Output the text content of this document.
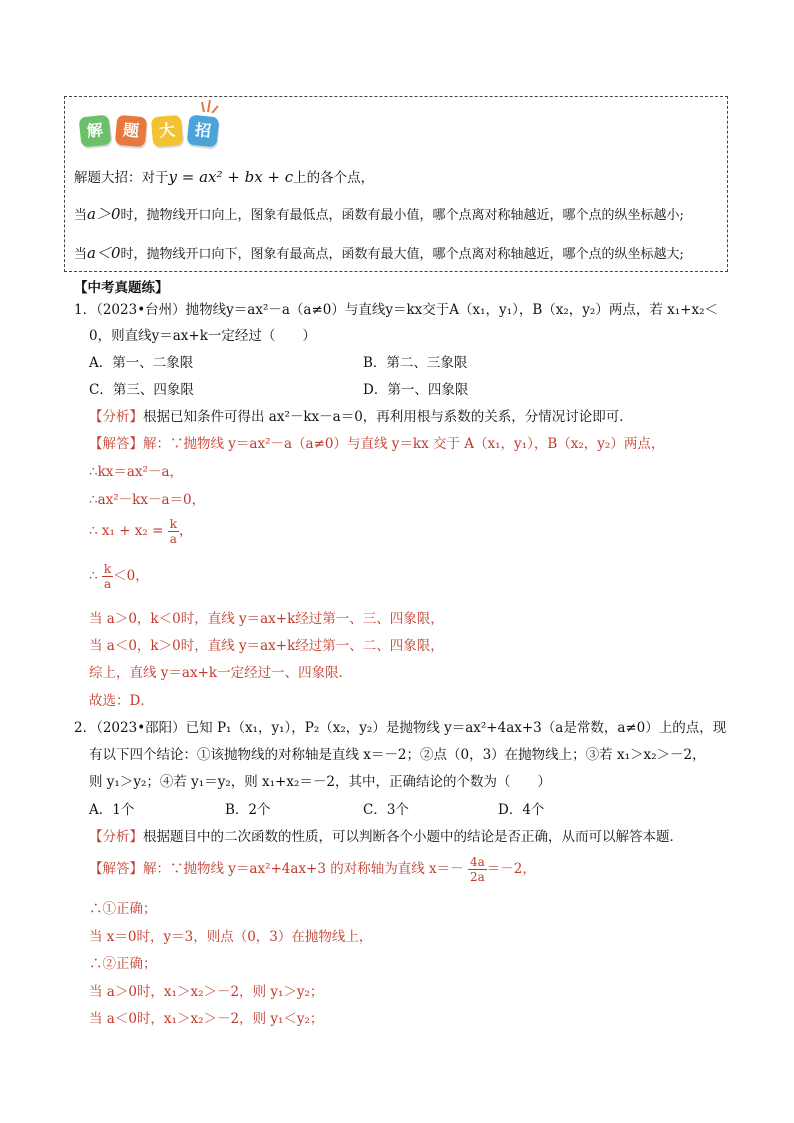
解	题	大	招
解题大招：对于y = ax² + bx + c上的各个点，
当a＞0时，抛物线开口向上，图象有最低点，函数有最小值，哪个点离对称轴越近，哪个点的纵坐标越小;
当a＜0时，抛物线开口向下，图象有最高点，函数有最大值，哪个点离对称轴越近，哪个点的纵坐标越大;
【中考真题练】
1．（2023•台州）抛物线y＝ax²－a（a≠0）与直线y＝kx交于A（x₁，y₁），B（x₂，y₂）两点，若 x₁+x₂＜
0，则直线y＝ax+k一定经过（　　）
A．第一、二象限	B．第二、三象限
C．第三、四象限	D．第一、四象限
【分析】根据已知条件可得出 ax²－kx－a＝0，再利用根与系数的关系，分情况讨论即可．
【解答】解：∵抛物线 y＝ax²－a（a≠0）与直线 y＝kx 交于 A（x₁，y₁），B（x₂，y₂）两点，
∴kx＝ax²－a，
∴ax²－kx－a＝0，
∴ $x_1 + x_2 = \frac{k}{a}$ ，
∴ $\frac{k}{a} <0$，
当 a＞0，k＜0时，直线 y＝ax+k经过第一、三、四象限，
当 a＜0，k＞0时，直线 y＝ax+k经过第一、二、四象限，
综上，直线 y＝ax+k一定经过一、四象限．
故选：D．
2．（2023•邵阳）已知 P₁（x₁，y₁），P₂（x₂，y₂）是抛物线 y＝ax²+4ax+3（a是常数，a≠0）上的点，现
有以下四个结论：①该抛物线的对称轴是直线 x＝－2；②点（0，3）在抛物线上；③若 x₁＞x₂＞－2，
则 y₁＞y₂；④若 y₁＝y₂，则 x₁+x₂＝－2，其中，正确结论的个数为（　　）
A．1个	B．2个	C．3个	D．4个
【分析】根据题目中的二次函数的性质，可以判断各个小题中的结论是否正确，从而可以解答本题．
【解答】解：∵抛物线 y＝ax²+4ax+3 的对称轴为直线 $x=- \frac{4a}{2a} =-2$，
∴①正确；
当 x＝0时，y＝3，则点（0，3）在抛物线上，
∴②正确；
当 a＞0时，x₁＞x₂＞－2，则 y₁＞y₂；
当 a＜0时，x₁＞x₂＞－2，则 y₁＜y₂；
